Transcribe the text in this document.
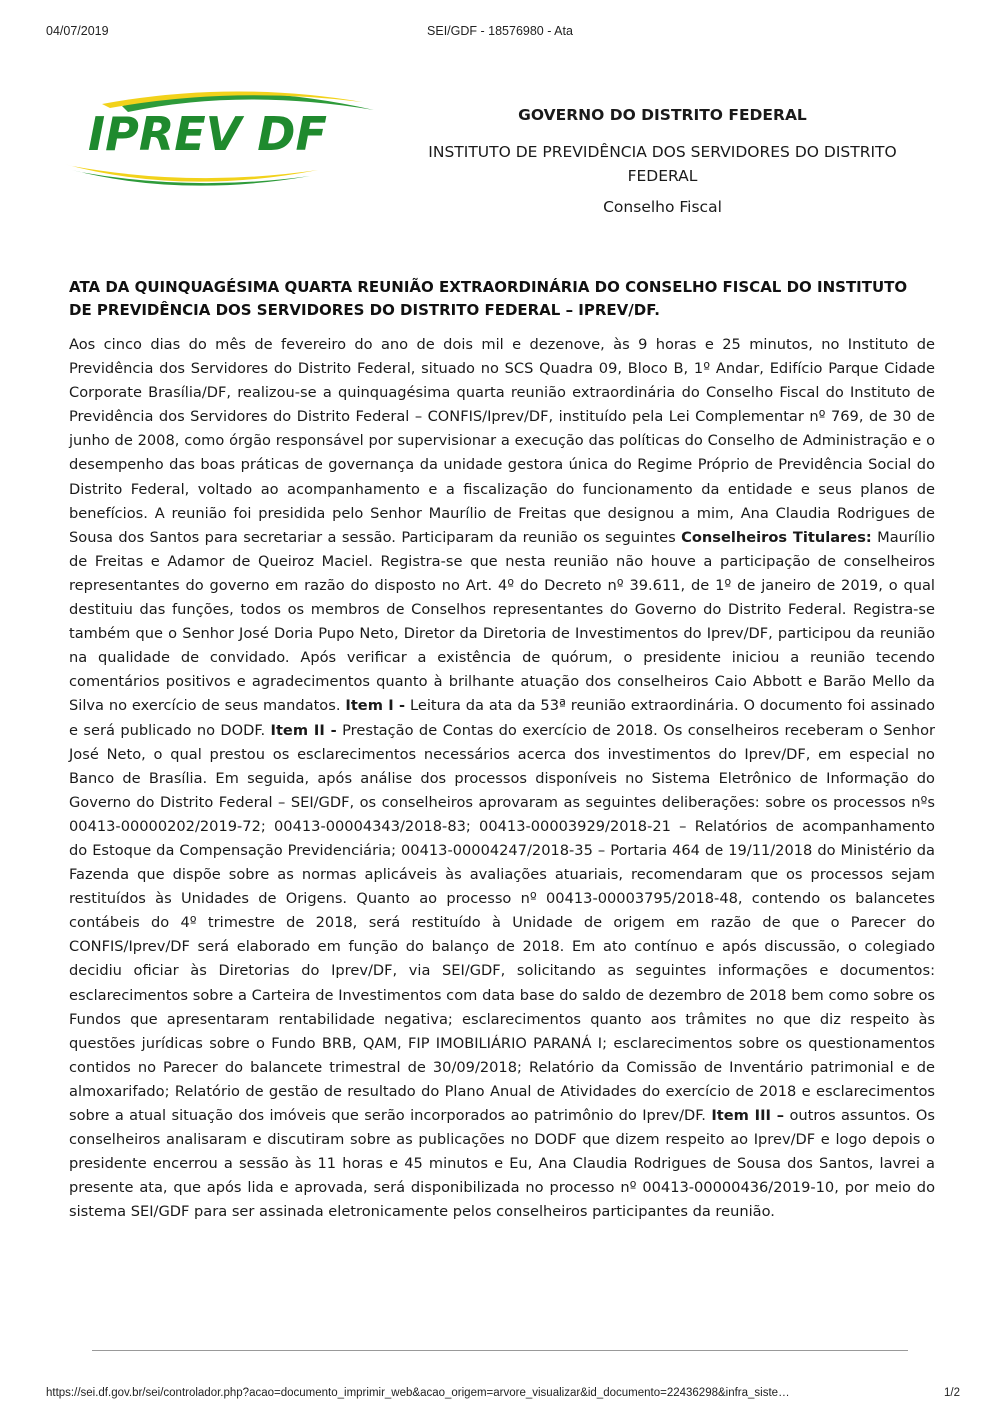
04/07/2019	SEI/GDF - 18576980 - Ata
IPREV DF	GOVERNO DO DISTRITO FEDERAL
INSTITUTO DE PREVIDÊNCIA DOS SERVIDORES DO DISTRITO FEDERAL
Conselho Fiscal
ATA DA QUINQUAGÉSIMA QUARTA REUNIÃO EXTRAORDINÁRIA DO CONSELHO FISCAL DO INSTITUTO DE PREVIDÊNCIA DOS SERVIDORES DO DISTRITO FEDERAL – IPREV/DF.
Aos cinco dias do mês de fevereiro do ano de dois mil e dezenove, às 9 horas e 25 minutos, no Instituto de Previdência dos Servidores do Distrito Federal, situado no SCS Quadra 09, Bloco B, 1º Andar, Edifício Parque Cidade Corporate Brasília/DF, realizou-se a quinquagésima quarta reunião extraordinária do Conselho Fiscal do Instituto de Previdência dos Servidores do Distrito Federal – CONFIS/Iprev/DF, instituído pela Lei Complementar nº 769, de 30 de junho de 2008, como órgão responsável por supervisionar a execução das políticas do Conselho de Administração e o desempenho das boas práticas de governança da unidade gestora única do Regime Próprio de Previdência Social do Distrito Federal, voltado ao acompanhamento e a fiscalização do funcionamento da entidade e seus planos de benefícios. A reunião foi presidida pelo Senhor Maurílio de Freitas que designou a mim, Ana Claudia Rodrigues de Sousa dos Santos para secretariar a sessão. Participaram da reunião os seguintes Conselheiros Titulares: Maurílio de Freitas e Adamor de Queiroz Maciel. Registra-se que nesta reunião não houve a participação de conselheiros representantes do governo em razão do disposto no Art. 4º do Decreto nº 39.611, de 1º de janeiro de 2019, o qual destituiu das funções, todos os membros de Conselhos representantes do Governo do Distrito Federal. Registra-se também que o Senhor José Doria Pupo Neto, Diretor da Diretoria de Investimentos do Iprev/DF, participou da reunião na qualidade de convidado. Após verificar a existência de quórum, o presidente iniciou a reunião tecendo comentários positivos e agradecimentos quanto à brilhante atuação dos conselheiros Caio Abbott e Barão Mello da Silva no exercício de seus mandatos. Item I - Leitura da ata da 53ª reunião extraordinária. O documento foi assinado e será publicado no DODF. Item II - Prestação de Contas do exercício de 2018. Os conselheiros receberam o Senhor José Neto, o qual prestou os esclarecimentos necessários acerca dos investimentos do Iprev/DF, em especial no Banco de Brasília. Em seguida, após análise dos processos disponíveis no Sistema Eletrônico de Informação do Governo do Distrito Federal – SEI/GDF, os conselheiros aprovaram as seguintes deliberações: sobre os processos nºs 00413-00000202/2019-72; 00413-00004343/2018-83; 00413-00003929/2018-21 – Relatórios de acompanhamento do Estoque da Compensação Previdenciária; 00413-00004247/2018-35 – Portaria 464 de 19/11/2018 do Ministério da Fazenda que dispõe sobre as normas aplicáveis às avaliações atuariais, recomendaram que os processos sejam restituídos às Unidades de Origens. Quanto ao processo nº 00413-00003795/2018-48, contendo os balancetes contábeis do 4º trimestre de 2018, será restituído à Unidade de origem em razão de que o Parecer do CONFIS/Iprev/DF será elaborado em função do balanço de 2018. Em ato contínuo e após discussão, o colegiado decidiu oficiar às Diretorias do Iprev/DF, via SEI/GDF, solicitando as seguintes informações e documentos: esclarecimentos sobre a Carteira de Investimentos com data base do saldo de dezembro de 2018 bem como sobre os Fundos que apresentaram rentabilidade negativa; esclarecimentos quanto aos trâmites no que diz respeito às questões jurídicas sobre o Fundo BRB, QAM, FIP IMOBILIÁRIO PARANÁ I; esclarecimentos sobre os questionamentos contidos no Parecer do balancete trimestral de 30/09/2018; Relatório da Comissão de Inventário patrimonial e de almoxarifado; Relatório de gestão de resultado do Plano Anual de Atividades do exercício de 2018 e esclarecimentos sobre a atual situação dos imóveis que serão incorporados ao patrimônio do Iprev/DF. Item III – outros assuntos. Os conselheiros analisaram e discutiram sobre as publicações no DODF que dizem respeito ao Iprev/DF e logo depois o presidente encerrou a sessão às 11 horas e 45 minutos e Eu, Ana Claudia Rodrigues de Sousa dos Santos, lavrei a presente ata, que após lida e aprovada, será disponibilizada no processo nº 00413-00000436/2019-10, por meio do sistema SEI/GDF para ser assinada eletronicamente pelos conselheiros participantes da reunião.
https://sei.df.gov.br/sei/controlador.php?acao=documento_imprimir_web&acao_origem=arvore_visualizar&id_documento=22436298&infra_siste…	1/2
